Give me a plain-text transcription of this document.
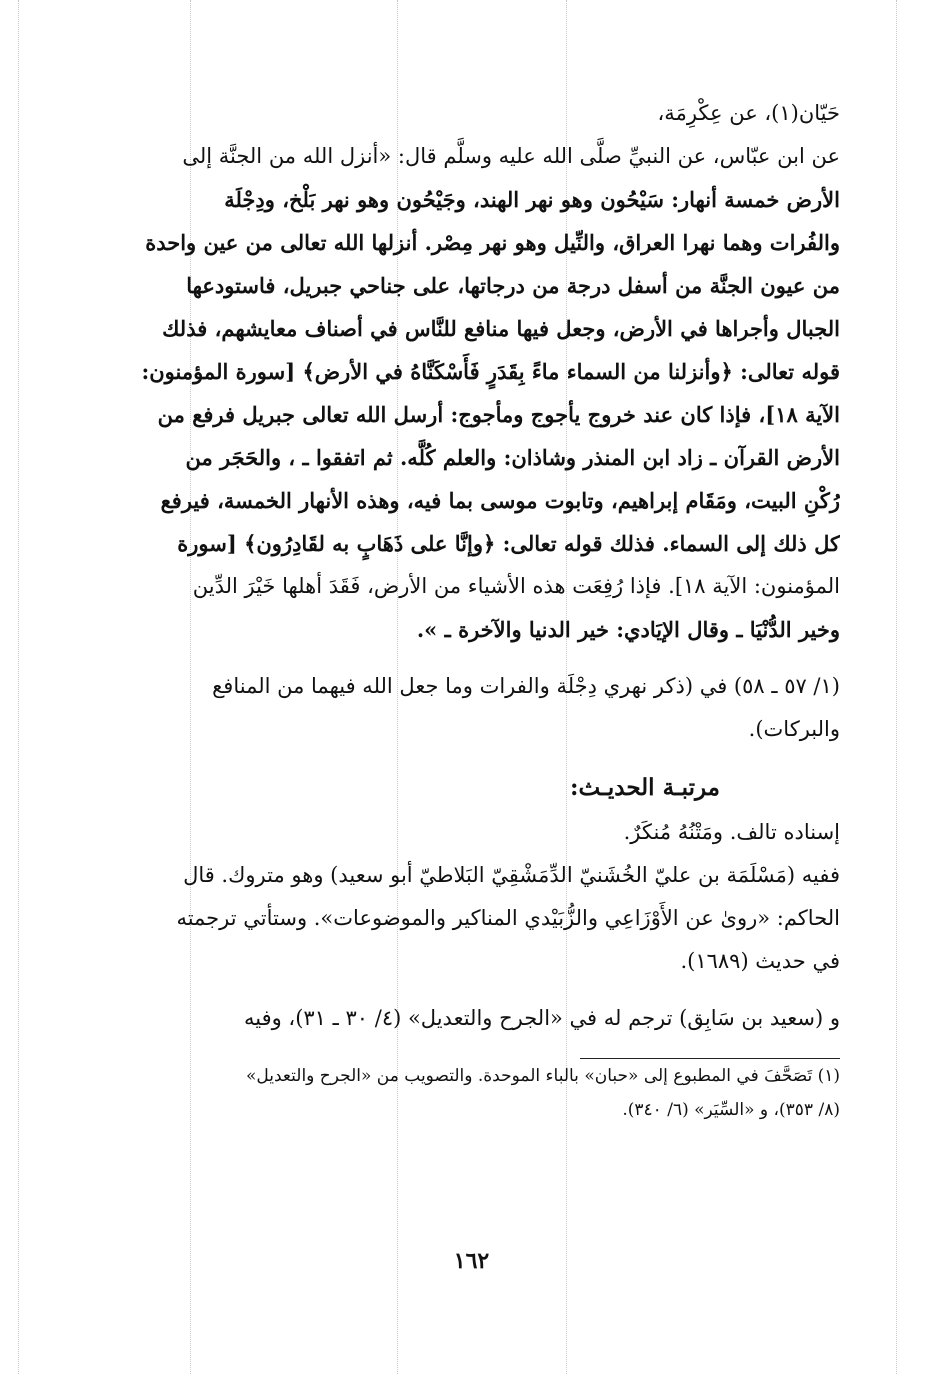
حَيّان(١)، عن عِكْرِمَة،
عن ابن عبّاس، عن النبيِّ صلَّى الله عليه وسلَّم قال: «أنزل الله من الجنَّة إلى
الأرض خمسة أنهار: سَيْحُون وهو نهر الهند، وجَيْحُون وهو نهر بَلْخ، ودِجْلَة
والفُرات وهما نهرا العراق، والنِّيل وهو نهر مِصْر. أنزلها الله تعالى من عين واحدة
من عيون الجنَّة من أسفل درجة من درجاتها، على جناحي جبريل، فاستودعها
الجبال وأجراها في الأرض، وجعل فيها منافع للنَّاس في أصناف معايشهم، فذلك
قوله تعالى: ﴿وأنزلنا من السماء ماءً بِقَدَرٍ فَأَسْكَنَّاهُ في الأرض﴾ [سورة المؤمنون:
الآية ١٨]، فإذا كان عند خروج يأجوج ومأجوج: أرسل الله تعالى جبريل فرفع من
الأرض القرآن ـ زاد ابن المنذر وشاذان: والعلم كُلَّه. ثم اتفقوا ـ ، والحَجَر من
رُكْنِ البيت، ومَقَام إبراهيم، وتابوت موسى بما فيه، وهذه الأنهار الخمسة، فيرفع
كل ذلك إلى السماء. فذلك قوله تعالى: ﴿وإنَّا على ذَهَابٍ به لقَادِرُون﴾ [سورة
المؤمنون: الآية ١٨]. فإذا رُفِعَت هذه الأشياء من الأرض، فَقَدَ أهلها خَيْرَ الدِّين
وخير الدُّنْيَا ـ وقال الإيَادي: خير الدنيا والآخرة ـ ».
(١/ ٥٧ ـ ٥٨) في (ذكر نهري دِجْلَة والفرات وما جعل الله فيهما من المنافع
والبركات).
مرتبـة الحديـث:
إسناده تالف. ومَتْنُهُ مُنكَرٌ.
ففيه (مَسْلَمَة بن عليّ الخُشَنيّ الدِّمَشْقِيّ البَلاطيّ أبو سعيد) وهو متروك. قال
الحاكم: «روىٰ عن الأَوْزَاعِي والزُّبَيْدي المناكير والموضوعات». وستأتي ترجمته
في حديث (١٦٨٩).
و (سعيد بن سَابِق) ترجم له في «الجرح والتعديل» (٤/ ٣٠ ـ ٣١)، وفيه
(١) تَصَحَّفَ في المطبوع إلى «حبان» بالباء الموحدة. والتصويب من «الجرح والتعديل»
(٨/ ٣٥٣)، و «السِّيَر» (٦/ ٣٤٠).
١٦٢
